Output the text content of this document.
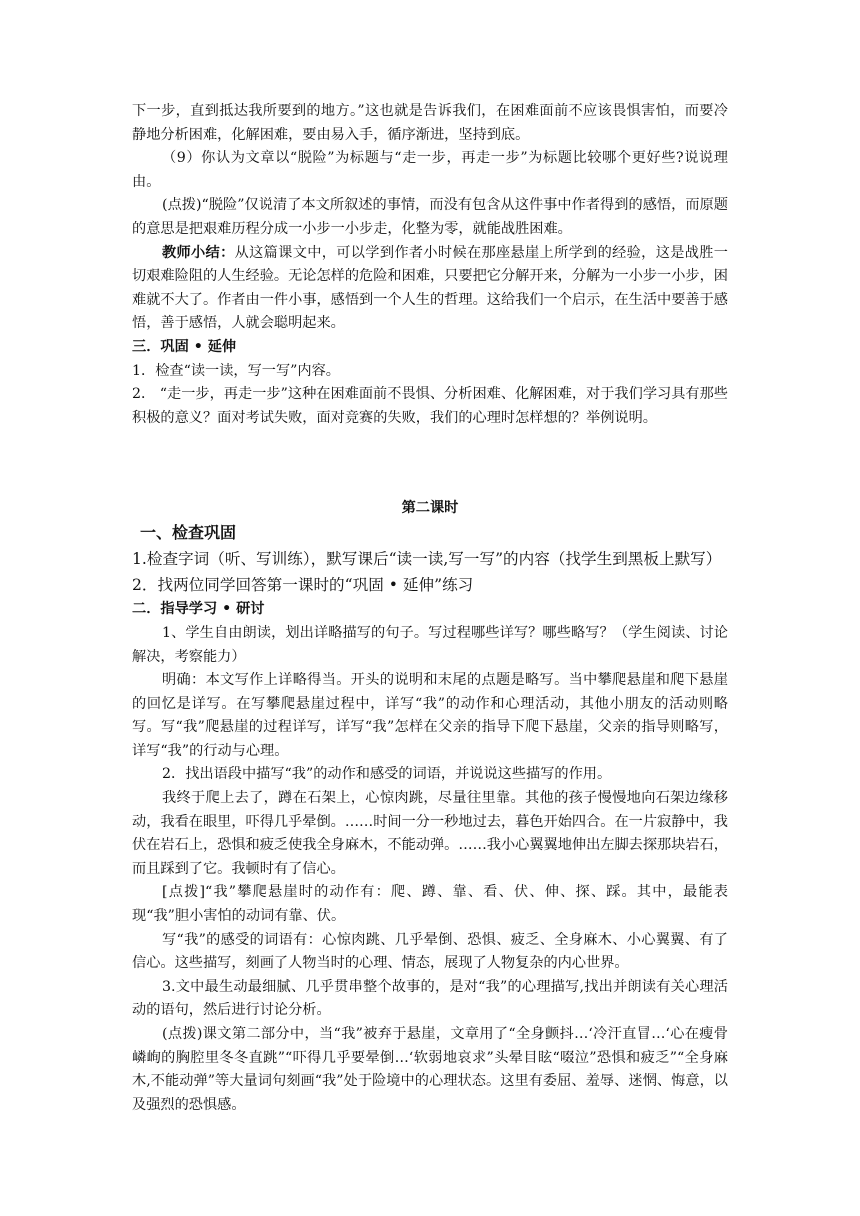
下一步，直到抵达我所要到的地方。”这也就是告诉我们，在困难面前不应该畏惧害怕，而要冷静地分析困难，化解困难，要由易入手，循序渐进，坚持到底。

（9）你认为文章以“脱险”为标题与“走一步，再走一步”为标题比较哪个更好些?说说理由。

(点拨)“脱险”仅说清了本文所叙述的事情，而没有包含从这件事中作者得到的感悟，而原题的意思是把艰难历程分成一小步一小步走，化整为零，就能战胜困难。

教师小结：从这篇课文中，可以学到作者小时候在那座悬崖上所学到的经验，这是战胜一切艰难险阻的人生经验。无论怎样的危险和困难，只要把它分解开来，分解为一小步一小步，困难就不大了。作者由一件小事，感悟到一个人生的哲理。这给我们一个启示，在生活中要善于感悟，善于感悟，人就会聪明起来。

三．巩固 • 延伸

1．检查“读一读，写一写”内容。

2． “走一步，再走一步”这种在困难面前不畏惧、分析困难、化解困难，对于我们学习具有那些积极的意义？面对考试失败，面对竞赛的失败，我们的心理时怎样想的？举例说明。

第二课时

一、检查巩固

1.检查字词（听、写训练），默写课后“读一读,写一写”的内容（找学生到黑板上默写）

2．找两位同学回答第一课时的“巩固 • 延伸”练习

二．指导学习 • 研讨

1、学生自由朗读，划出详略描写的句子。写过程哪些详写？哪些略写？（学生阅读、讨论解决，考察能力）

明确：本文写作上详略得当。开头的说明和末尾的点题是略写。当中攀爬悬崖和爬下悬崖的回忆是详写。在写攀爬悬崖过程中，详写“我”的动作和心理活动，其他小朋友的活动则略写。写“我”爬悬崖的过程详写，详写“我”怎样在父亲的指导下爬下悬崖，父亲的指导则略写，详写“我”的行动与心理。

2．找出语段中描写“我”的动作和感受的词语，并说说这些描写的作用。

我终于爬上去了，蹲在石架上，心惊肉跳，尽量往里靠。其他的孩子慢慢地向石架边缘移动，我看在眼里，吓得几乎晕倒。……时间一分一秒地过去，暮色开始四合。在一片寂静中，我伏在岩石上，恐惧和疲乏使我全身麻木，不能动弹。……我小心翼翼地伸出左脚去探那块岩石，而且踩到了它。我顿时有了信心。

[点拨]“我”攀爬悬崖时的动作有：爬、蹲、靠、看、伏、伸、探、踩。其中，最能表现“我”胆小害怕的动词有靠、伏。

写“我”的感受的词语有：心惊肉跳、几乎晕倒、恐惧、疲乏、全身麻木、小心翼翼、有了信心。这些描写，刻画了人物当时的心理、情态，展现了人物复杂的内心世界。

3.文中最生动最细腻、几乎贯串整个故事的，是对“我”的心理描写,找出并朗读有关心理活动的语句，然后进行讨论分析。

(点拨)课文第二部分中，当“我”被弃于悬崖，文章用了“全身颤抖…‘冷汗直冒…‘心在瘦骨嶙峋的胸腔里冬冬直跳”“吓得几乎要晕倒…‘软弱地哀求”头晕目眩“啜泣”恐惧和疲乏”“全身麻木,不能动弹”等大量词句刻画“我”处于险境中的心理状态。这里有委屈、羞辱、迷惘、悔意，以及强烈的恐惧感。
